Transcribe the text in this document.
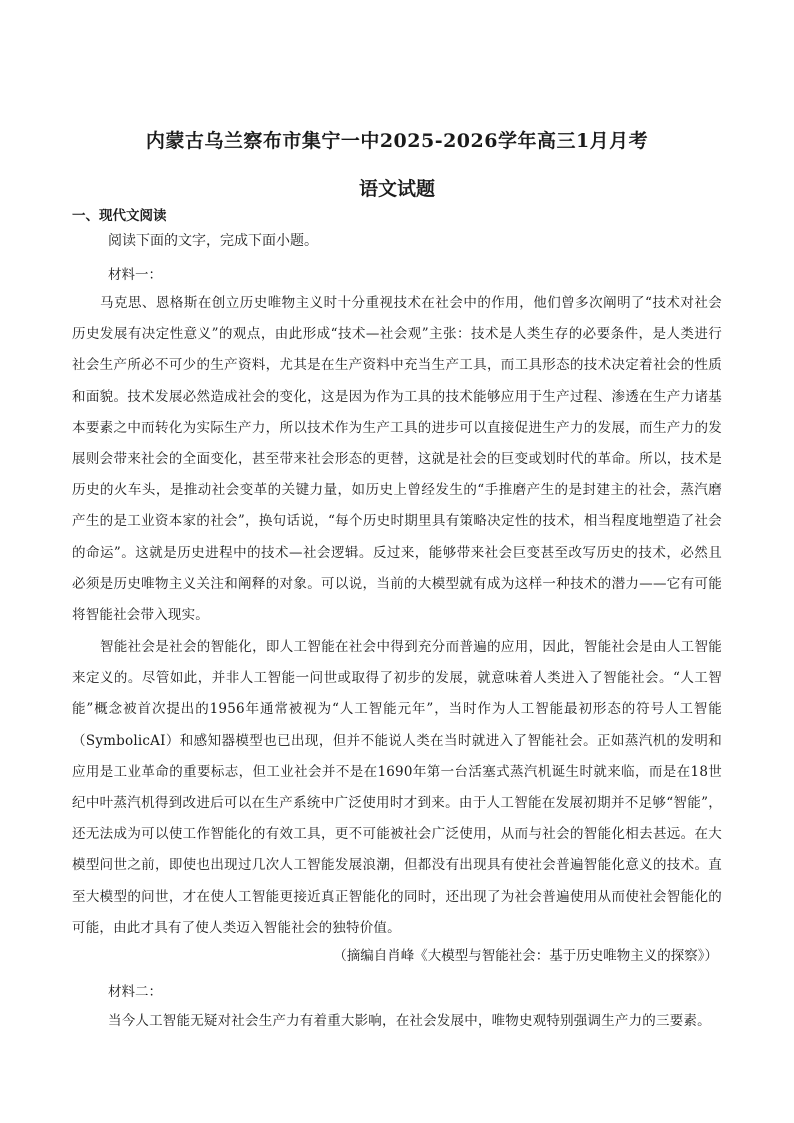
内蒙古乌兰察布市集宁一中2025-2026学年高三1月月考
语文试题
一、现代文阅读
阅读下面的文字，完成下面小题。
材料一：
马克思、恩格斯在创立历史唯物主义时十分重视技术在社会中的作用，他们曾多次阐明了“技术对社会历史发展有决定性意义”的观点，由此形成“技术—社会观”主张：技术是人类生存的必要条件，是人类进行社会生产所必不可少的生产资料，尤其是在生产资料中充当生产工具，而工具形态的技术决定着社会的性质和面貌。技术发展必然造成社会的变化，这是因为作为工具的技术能够应用于生产过程、渗透在生产力诸基本要素之中而转化为实际生产力，所以技术作为生产工具的进步可以直接促进生产力的发展，而生产力的发展则会带来社会的全面变化，甚至带来社会形态的更替，这就是社会的巨变或划时代的革命。所以，技术是历史的火车头，是推动社会变革的关键力量，如历史上曾经发生的“手推磨产生的是封建主的社会，蒸汽磨产生的是工业资本家的社会”，换句话说，“每个历史时期里具有策略决定性的技术，相当程度地塑造了社会的命运”。这就是历史进程中的技术—社会逻辑。反过来，能够带来社会巨变甚至改写历史的技术，必然且必须是历史唯物主义关注和阐释的对象。可以说，当前的大模型就有成为这样一种技术的潜力——它有可能将智能社会带入现实。
智能社会是社会的智能化，即人工智能在社会中得到充分而普遍的应用，因此，智能社会是由人工智能来定义的。尽管如此，并非人工智能一问世或取得了初步的发展，就意味着人类进入了智能社会。“人工智能”概念被首次提出的1956年通常被视为“人工智能元年”，当时作为人工智能最初形态的符号人工智能（SymbolicAI）和感知器模型也已出现，但并不能说人类在当时就进入了智能社会。正如蒸汽机的发明和应用是工业革命的重要标志，但工业社会并不是在1690年第一台活塞式蒸汽机诞生时就来临，而是在18世纪中叶蒸汽机得到改进后可以在生产系统中广泛使用时才到来。由于人工智能在发展初期并不足够“智能”，还无法成为可以使工作智能化的有效工具，更不可能被社会广泛使用，从而与社会的智能化相去甚远。在大模型问世之前，即使也出现过几次人工智能发展浪潮，但都没有出现具有使社会普遍智能化意义的技术。直至大模型的问世，才在使人工智能更接近真正智能化的同时，还出现了为社会普遍使用从而使社会智能化的可能，由此才具有了使人类迈入智能社会的独特价值。
（摘编自肖峰《大模型与智能社会：基于历史唯物主义的探察》）
材料二：
当今人工智能无疑对社会生产力有着重大影响，在社会发展中，唯物史观特别强调生产力的三要素。
